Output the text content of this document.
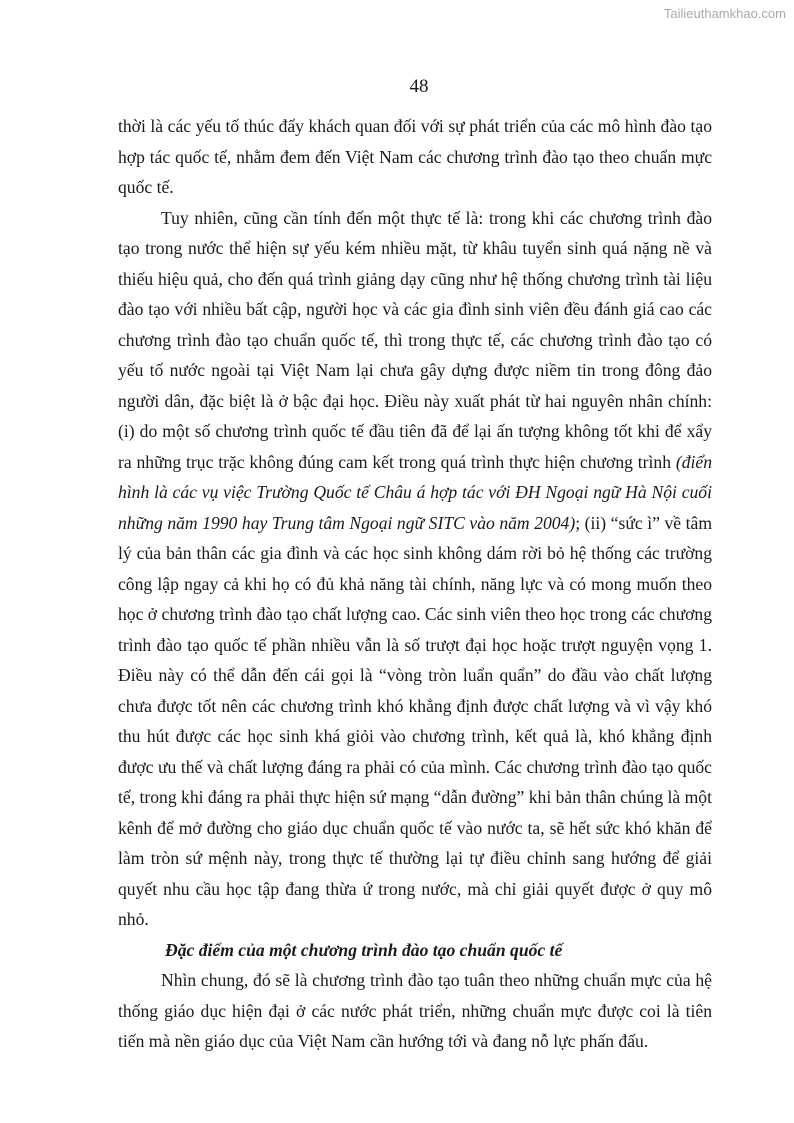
Tailieuthamkhao.com
48

thời là các yếu tố thúc đẩy khách quan đối với sự phát triển của các mô hình đào tạo hợp tác quốc tế, nhằm đem đến Việt Nam các chương trình đào tạo theo chuẩn mực quốc tế.

Tuy nhiên, cũng cần tính đến một thực tế là: trong khi các chương trình đào tạo trong nước thể hiện sự yếu kém nhiều mặt, từ khâu tuyển sinh quá nặng nề và thiếu hiệu quả, cho đến quá trình giảng dạy cũng như hệ thống chương trình tài liệu đào tạo với nhiều bất cập, người học và các gia đình sinh viên đều đánh giá cao các chương trình đào tạo chuẩn quốc tế, thì trong thực tế, các chương trình đào tạo có yếu tố nước ngoài tại Việt Nam lại chưa gây dựng được niềm tin trong đông đảo người dân, đặc biệt là ở bậc đại học. Điều này xuất phát từ hai nguyên nhân chính: (i) do một số chương trình quốc tế đầu tiên đã để lại ấn tượng không tốt khi để xẩy ra những trục trặc không đúng cam kết trong quá trình thực hiện chương trình (điển hình là các vụ việc Trường Quốc tế Châu á hợp tác với ĐH Ngoại ngữ Hà Nội cuối những năm 1990 hay Trung tâm Ngoại ngữ SITC vào năm 2004); (ii) “sức ì” về tâm lý của bản thân các gia đình và các học sinh không dám rời bỏ hệ thống các trường công lập ngay cả khi họ có đủ khả năng tài chính, năng lực và có mong muốn theo học ở chương trình đào tạo chất lượng cao. Các sinh viên theo học trong các chương trình đào tạo quốc tế phần nhiều vẫn là số trượt đại học hoặc trượt nguyện vọng 1. Điều này có thể dẫn đến cái gọi là “vòng tròn luẩn quẩn” do đầu vào chất lượng chưa được tốt nên các chương trình khó khẳng định được chất lượng và vì vậy khó thu hút được các học sinh khá giỏi vào chương trình, kết quả là, khó khẳng định được ưu thế và chất lượng đáng ra phải có của mình. Các chương trình đào tạo quốc tế, trong khi đáng ra phải thực hiện sứ mạng “dẫn đường” khi bản thân chúng là một kênh để mở đường cho giáo dục chuẩn quốc tế vào nước ta, sẽ hết sức khó khăn để làm tròn sứ mệnh này, trong thực tế thường lại tự điều chỉnh sang hướng để giải quyết nhu cầu học tập đang thừa ứ trong nước, mà chỉ giải quyết được ở quy mô nhỏ.

Đặc điểm của một chương trình đào tạo chuẩn quốc tế

Nhìn chung, đó sẽ là chương trình đào tạo tuân theo những chuẩn mực của hệ thống giáo dục hiện đại ở các nước phát triển, những chuẩn mực được coi là tiên tiến mà nền giáo dục của Việt Nam cần hướng tới và đang nỗ lực phấn đấu.
